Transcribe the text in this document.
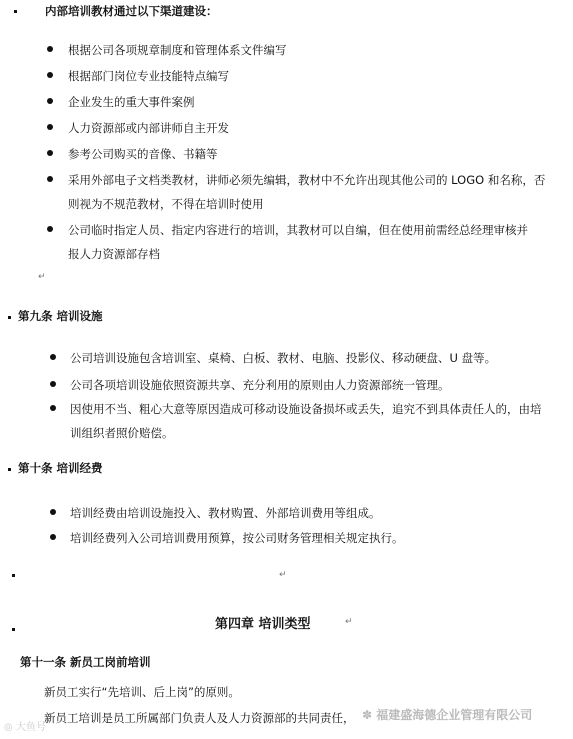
内部培训教材通过以下渠道建设：
根据公司各项规章制度和管理体系文件编写
根据部门岗位专业技能特点编写
企业发生的重大事件案例
人力资源部或内部讲师自主开发
参考公司购买的音像、书籍等
采用外部电子文档类教材，讲师必须先编辑，教材中不允许出现其他公司的 LOGO 和名称，否
则视为不规范教材，不得在培训时使用
公司临时指定人员、指定内容进行的培训，其教材可以自编，但在使用前需经总经理审核并
报人力资源部存档
↵
第九条 培训设施
公司培训设施包含培训室、桌椅、白板、教材、电脑、投影仪、移动硬盘、U 盘等。
公司各项培训设施依照资源共享、充分利用的原则由人力资源部统一管理。
因使用不当、粗心大意等原因造成可移动设施设备损坏或丢失，追究不到具体责任人的，由培
训组织者照价赔偿。
第十条 培训经费
培训经费由培训设施投入、教材购置、外部培训费用等组成。
培训经费列入公司培训费用预算，按公司财务管理相关规定执行。
↵
第四章 培训类型	↵
第十一条 新员工岗前培训
新员工实行“先培训、后上岗”的原则。
新员工培训是员工所属部门负责人及人力资源部的共同责任，
◎ 大鱼号
✽ 福建盛海德企业管理有限公司
